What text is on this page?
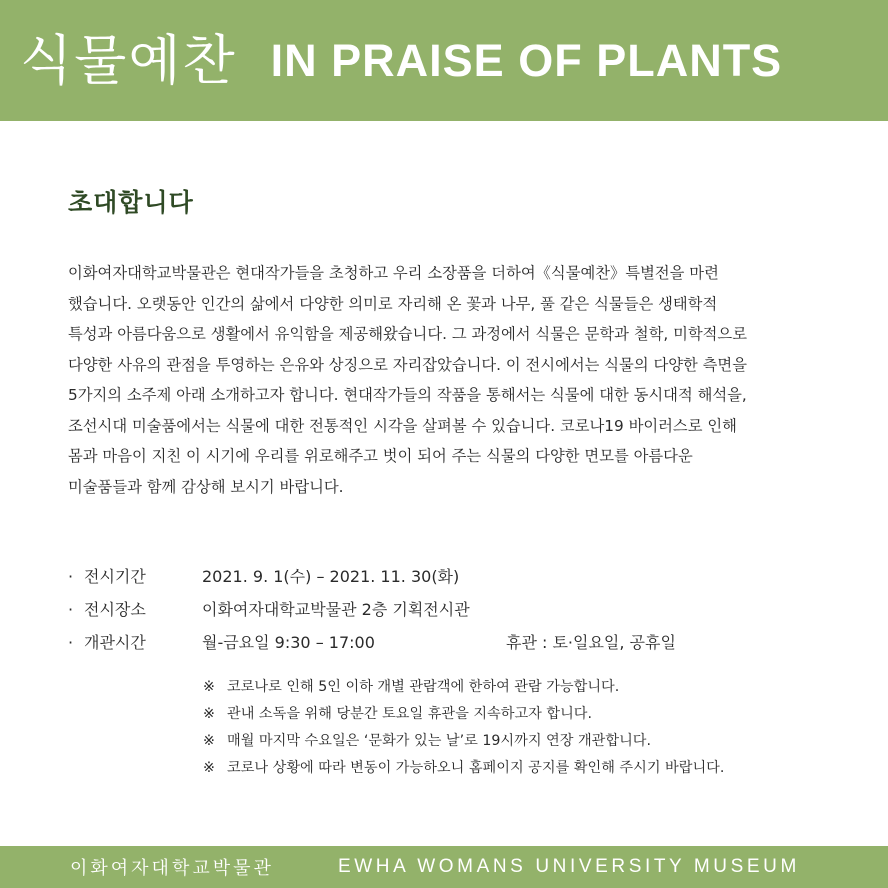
식물예찬 IN PRAISE OF PLANTS
초대합니다
이화여자대학교박물관은 현대작가들을 초청하고 우리 소장품을 더하여《식물예찬》특별전을 마련
했습니다. 오랫동안 인간의 삶에서 다양한 의미로 자리해 온 꽃과 나무, 풀 같은 식물들은 생태학적
특성과 아름다움으로 생활에서 유익함을 제공해왔습니다. 그 과정에서 식물은 문학과 철학, 미학적으로
다양한 사유의 관점을 투영하는 은유와 상징으로 자리잡았습니다. 이 전시에서는 식물의 다양한 측면을
5가지의 소주제 아래 소개하고자 합니다. 현대작가들의 작품을 통해서는 식물에 대한 동시대적 해석을,
조선시대 미술품에서는 식물에 대한 전통적인 시각을 살펴볼 수 있습니다. 코로나19 바이러스로 인해
몸과 마음이 지친 이 시기에 우리를 위로해주고 벗이 되어 주는 식물의 다양한 면모를 아름다운
미술품들과 함께 감상해 보시기 바랍니다.
· 전시기간	2021. 9. 1(수) – 2021. 11. 30(화)
· 전시장소	이화여자대학교박물관 2층 기획전시관
· 개관시간	월-금요일 9:30 – 17:00	휴관 : 토·일요일, 공휴일
※ 코로나로 인해 5인 이하 개별 관람객에 한하여 관람 가능합니다.
※ 관내 소독을 위해 당분간 토요일 휴관을 지속하고자 합니다.
※ 매월 마지막 수요일은 ‘문화가 있는 날’로 19시까지 연장 개관합니다.
※ 코로나 상황에 따라 변동이 가능하오니 홈페이지 공지를 확인해 주시기 바랍니다.
이화여자대학교박물관	EWHA WOMANS UNIVERSITY MUSEUM
